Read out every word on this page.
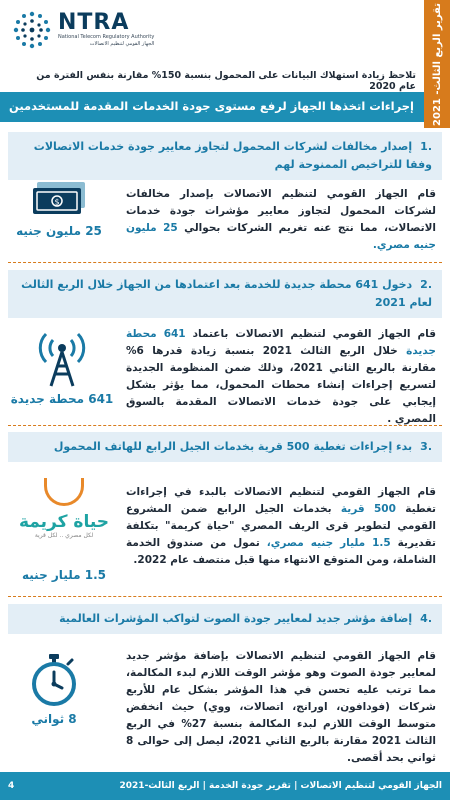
تقرير الربع الثالث- 2021
NTRA
National Telecom Regulatory Authority
الجهاز القومي لتنظيم الاتصالات
تلاحظ زيادة استهلاك البيانات على المحمول بنسبة 150% مقارنة بنفس الفترة من عام 2020
إجراءات اتخذها الجهاز لرفع مستوى جودة الخدمات المقدمة للمستخدمين
.1إصدار مخالفات لشركات المحمول لتجاوز معايير جودة خدمات الاتصالات وفقا للتراخيص الممنوحة لهم
قام الجهاز القومي لتنظيم الاتصالات بإصدار مخالفات لشركات المحمول لتجاوز معايير مؤشرات جودة خدمات الاتصالات، مما نتج عنه تغريم الشركات بحوالي 25 مليون جنيه مصري.
$
25 مليون جنيه
.2دخول 641 محطة جديدة للخدمة بعد اعتمادها من الجهاز خلال الربع الثالث لعام 2021
قام الجهاز القومي لتنظيم الاتصالات باعتماد 641 محطة جديدة خلال الربع الثالث 2021 بنسبة زيادة قدرها 6% مقارنة بالربع الثاني 2021، وذلك ضمن المنظومة الجديدة لتسريع إجراءات إنشاء محطات المحمول، مما يؤثر بشكل إيجابي على جودة خدمات الاتصالات المقدمة بالسوق المصري .
641 محطة جديدة
.3بدء إجراءات تغطية 500 قرية بخدمات الجيل الرابع للهاتف المحمول
قام الجهاز القومي لتنظيم الاتصالات بالبدء في إجراءات تغطية 500 قرية بخدمات الجيل الرابع ضمن المشروع القومي لتطوير قرى الريف المصري "حياة كريمة" بتكلفة تقديرية 1.5 مليار جنيه مصري، تمول من صندوق الخدمة الشاملة، ومن المتوقع الانتهاء منها قبل منتصف عام 2022.
حياة كريمة
لكل مصري .. لكل قرية
1.5 مليار جنيه
.4إضافة مؤشر جديد لمعايير جودة الصوت لتواكب المؤشرات العالمية
قام الجهاز القومي لتنظيم الاتصالات بإضافة مؤشر جديد لمعايير جودة الصوت وهو مؤشر الوقت اللازم لبدء المكالمة، مما ترتب عليه تحسن في هذا المؤشر بشكل عام للأربع شركات (فودافون، اورانج، اتصالات، ووي) حيث انخفض متوسط الوقت اللازم لبدء المكالمة بنسبة 27% في الربع الثالث 2021 مقارنة بالربع الثاني 2021، ليصل إلى حوالى 8 ثواني بحد أقصى.
8 ثواني
الجهاز القومي لتنظيم الاتصالات | تقرير جودة الخدمة | الربع الثالث-2021
4
